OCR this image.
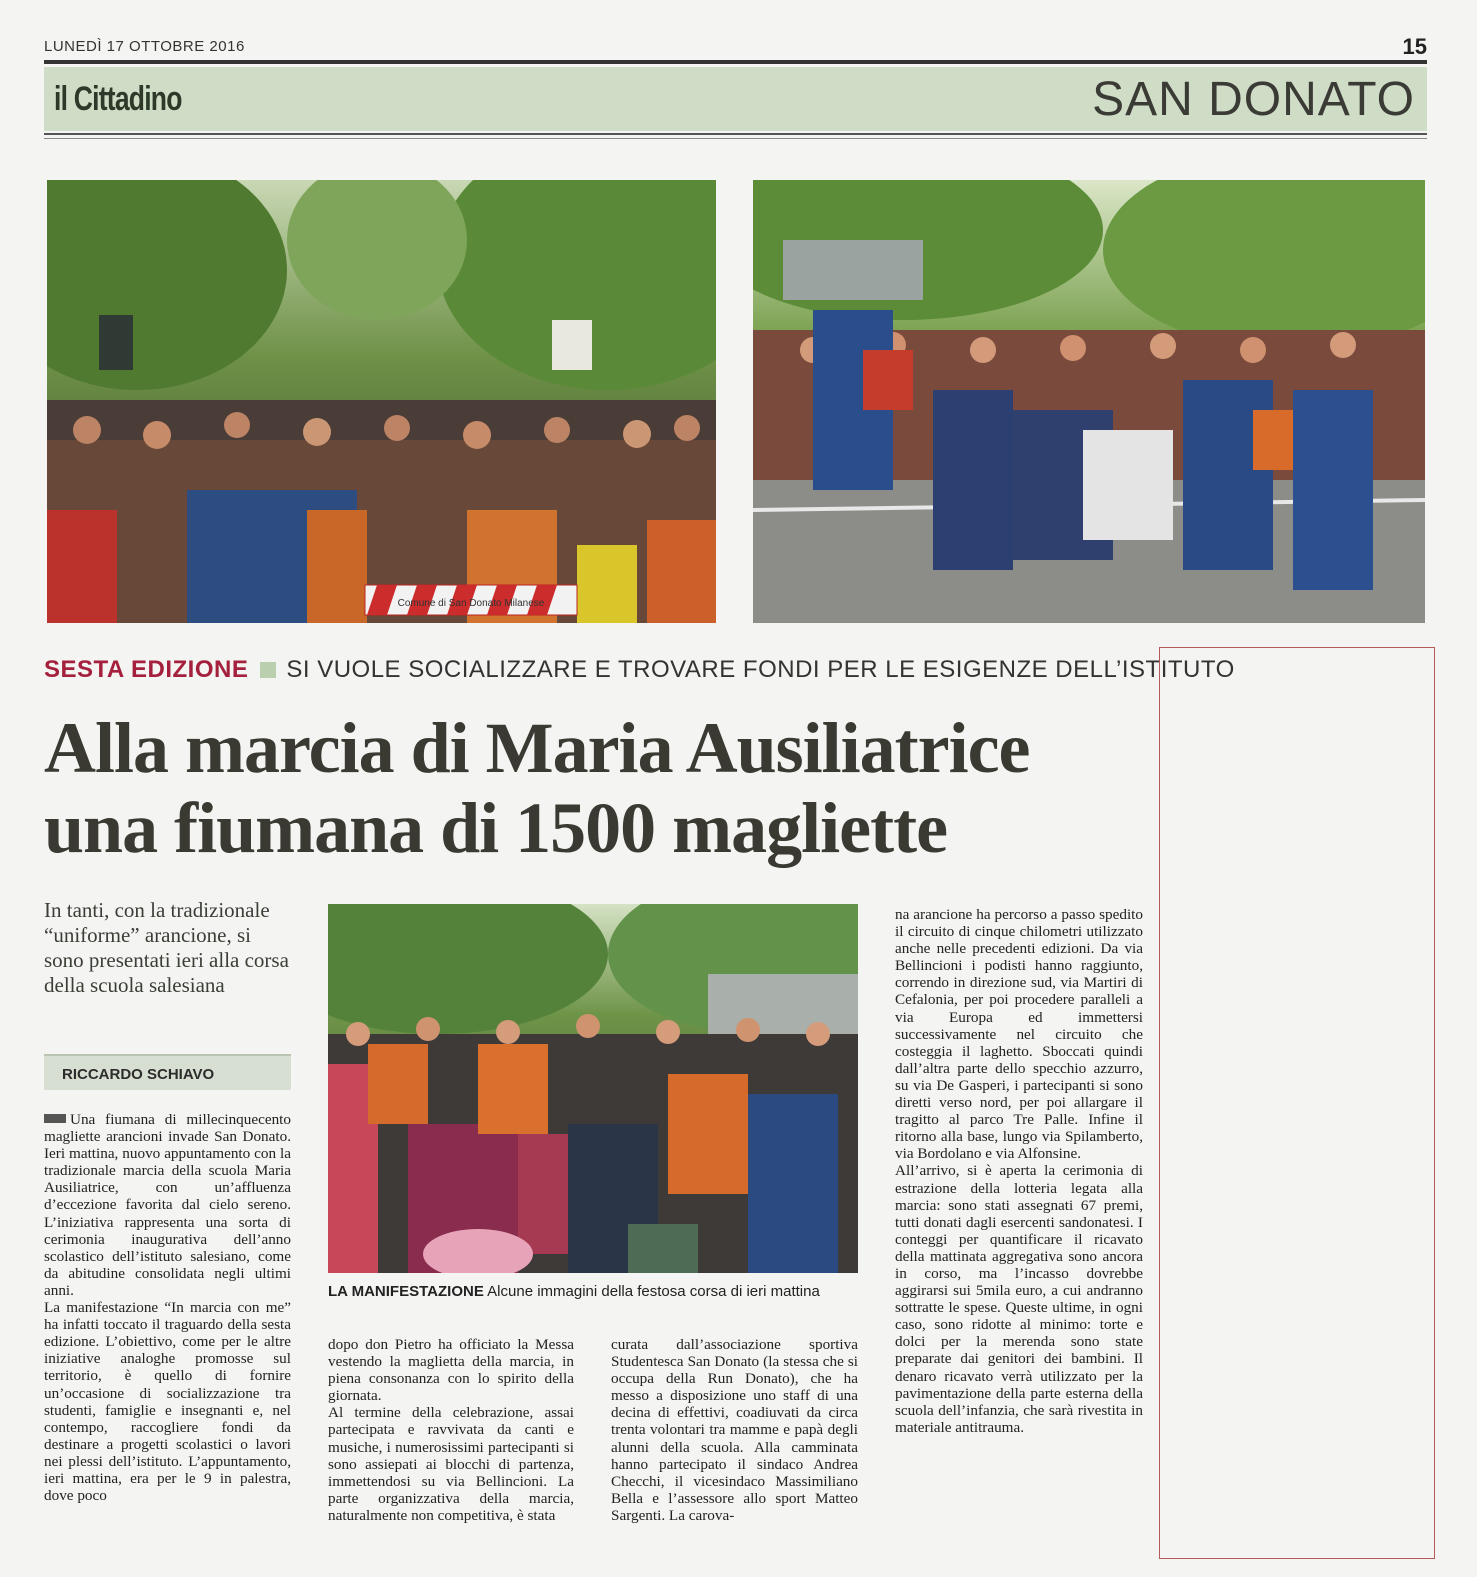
LUNEDÌ 17 OTTOBRE 2016	15
il Cittadino	SAN DONATO
Comune di San Donato Milanese
SESTA EDIZIONE SI VUOLE SOCIALIZZARE E TROVARE FONDI PER LE ESIGENZE DELL’ISTITUTO
Alla marcia di Maria Ausiliatrice
una fiumana di 1500 magliette
In tanti, con la tradizionale “uniforme” arancione, si sono presentati ieri alla corsa della scuola salesiana
RICCARDO SCHIAVO
LA MANIFESTAZIONE Alcune immagini della festosa corsa di ieri mattina

Una fiumana di millecinquecento magliette arancioni invade San Donato. Ieri mattina, nuovo appuntamento con la tradizionale marcia della scuola Maria Ausiliatrice, con un’affluenza d’eccezione favorita dal cielo sereno. L’iniziativa rappresenta una sorta di cerimonia inaugurativa dell’anno scolastico dell’istituto salesiano, come da abitudine consolidata negli ultimi anni.

La manifestazione “In marcia con me” ha infatti toccato il traguardo della sesta edizione. L’obiettivo, come per le altre iniziative analoghe promosse sul territorio, è quello di fornire un’occasione di socializzazione tra studenti, famiglie e insegnanti e, nel contempo, raccogliere fondi da destinare a progetti scolastici o lavori nei plessi dell’istituto. L’appuntamento, ieri mattina, era per le 9 in palestra, dove poco

dopo don Pietro ha officiato la Messa vestendo la maglietta della marcia, in piena consonanza con lo spirito della giornata.

Al termine della celebrazione, assai partecipata e ravvivata da canti e musiche, i numerosissimi partecipanti si sono assiepati ai blocchi di partenza, immettendosi su via Bellincioni. La parte organizzativa della marcia, naturalmente non competitiva, è stata

curata dall’associazione sportiva Studentesca San Donato (la stessa che si occupa della Run Donato), che ha messo a disposizione uno staff di una decina di effettivi, coadiuvati da circa trenta volontari tra mamme e papà degli alunni della scuola. Alla camminata hanno partecipato il sindaco Andrea Checchi, il vicesindaco Massimiliano Bella e l’assessore allo sport Matteo Sargenti. La carova-

na arancione ha percorso a passo spedito il circuito di cinque chilometri utilizzato anche nelle precedenti edizioni. Da via Bellincioni i podisti hanno raggiunto, correndo in direzione sud, via Martiri di Cefalonia, per poi procedere paralleli a via Europa ed immettersi successivamente nel circuito che costeggia il laghetto. Sboccati quindi dall’altra parte dello specchio azzurro, su via De Gasperi, i partecipanti si sono diretti verso nord, per poi allargare il tragitto al parco Tre Palle. Infine il ritorno alla base, lungo via Spilamberto, via Bordolano e via Alfonsine.

All’arrivo, si è aperta la cerimonia di estrazione della lotteria legata alla marcia: sono stati assegnati 67 premi, tutti donati dagli esercenti sandonatesi. I conteggi per quantificare il ricavato della mattinata aggregativa sono ancora in corso, ma l’incasso dovrebbe aggirarsi sui 5mila euro, a cui andranno sottratte le spese. Queste ultime, in ogni caso, sono ridotte al minimo: torte e dolci per la merenda sono state preparate dai genitori dei bambini. Il denaro ricavato verrà utilizzato per la pavimentazione della parte esterna della scuola dell’infanzia, che sarà rivestita in materiale antitrauma.
